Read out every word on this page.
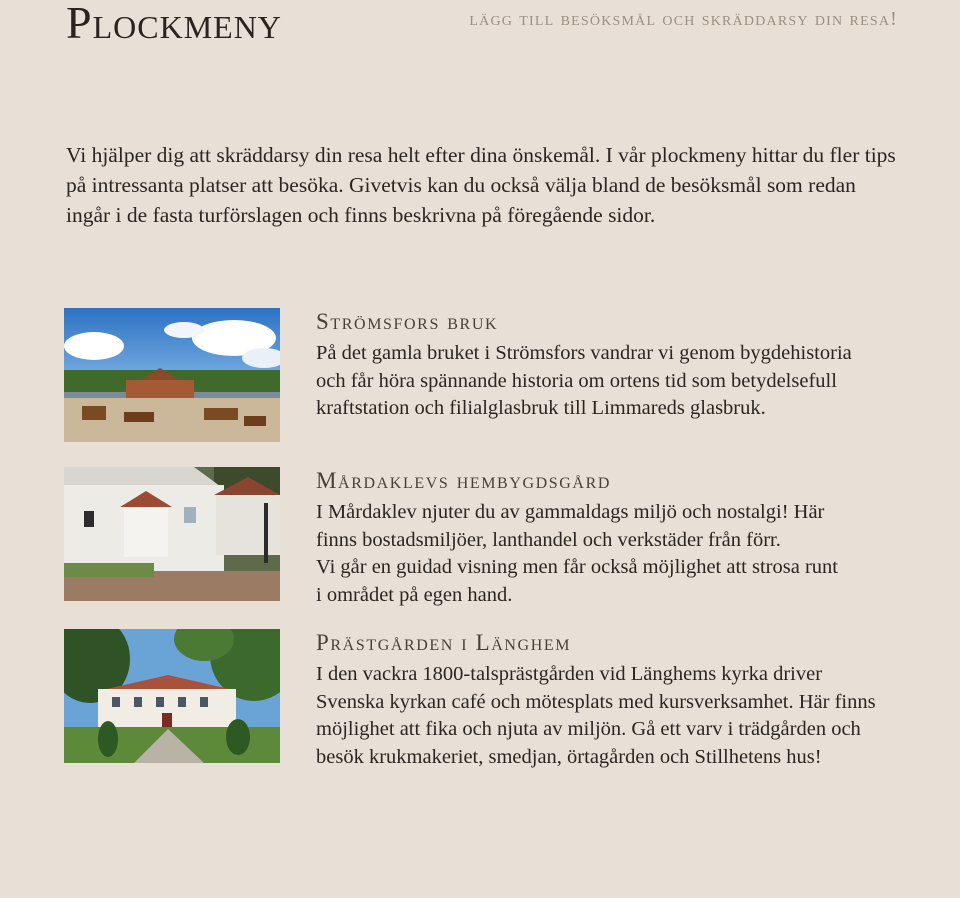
Plockmeny	lägg till besöksmål och skräddarsy din resa!
Vi hjälper dig att skräddarsy din resa helt efter dina önskemål. I vår plockmeny hittar du fler tips på intressanta platser att besöka. Givetvis kan du också välja bland de besöksmål som redan ingår i de fasta turförslagen och finns beskrivna på föregående sidor.
Strömsfors bruk

På det gamla bruket i Strömsfors vandrar vi genom bygdehistoria
och får höra spännande historia om ortens tid som betydelsefull
kraftstation och filialglasbruk till Limmareds glasbruk.

Mårdaklevs hembygdsgård

I Mårdaklev njuter du av gammaldags miljö och nostalgi! Här
finns bostadsmiljöer, lanthandel och verkstäder från förr.
Vi går en guidad visning men får också möjlighet att strosa runt
i området på egen hand.

Prästgården i Länghem

I den vackra 1800-talsprästgården vid Länghems kyrka driver
Svenska kyrkan café och mötesplats med kursverksamhet. Här finns
möjlighet att fika och njuta av miljön. Gå ett varv i trädgården och
besök krukmakeriet, smedjan, örtagården och Stillhetens hus!
